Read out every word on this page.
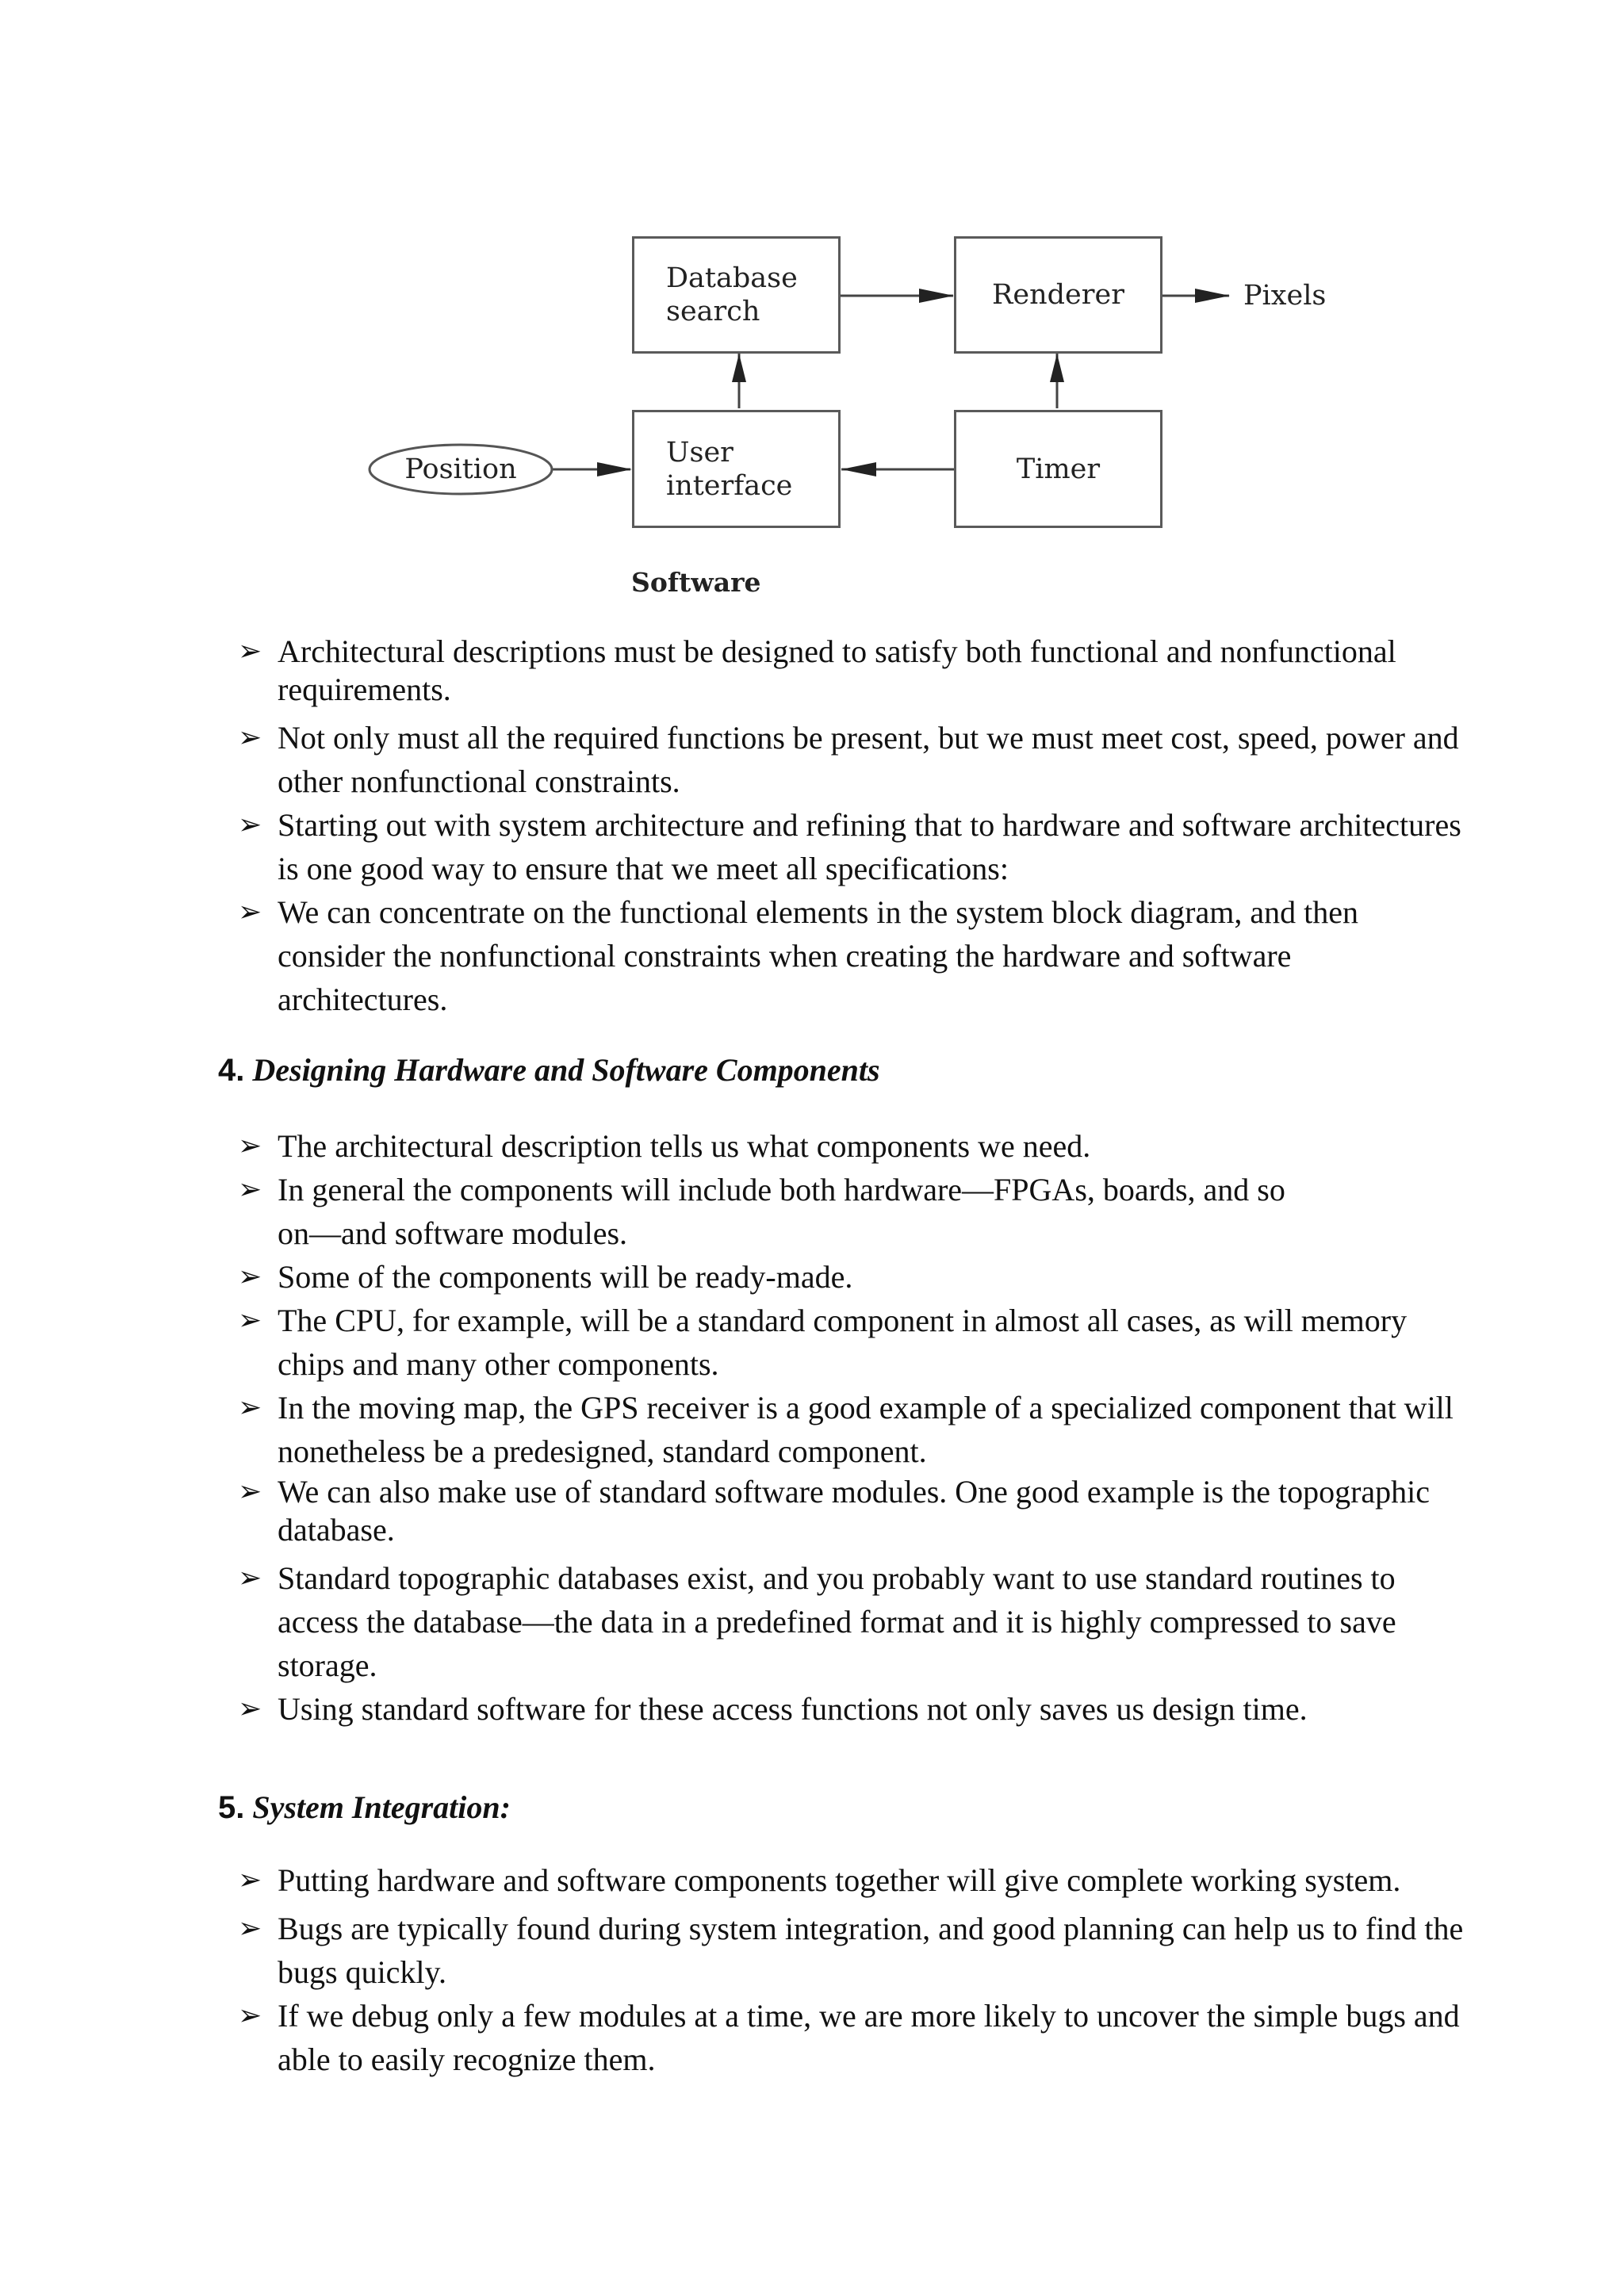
Database
search
Renderer
User
interface
Timer
Position
Pixels
Software
➢ Architectural descriptions must be designed to satisfy both functional and nonfunctional requirements.
➢ Not only must all the required functions be present, but we must meet cost, speed, power and other nonfunctional constraints.
➢ Starting out with system architecture and refining that to hardware and software architectures is one good way to ensure that we meet all specifications:
➢ We can concentrate on the functional elements in the system block diagram, and then consider the nonfunctional constraints when creating the hardware and software architectures.
4. Designing Hardware and Software Components
➢ The architectural description tells us what components we need.
➢ In general the components will include both hardware—FPGAs, boards, and so on—and software modules.
➢ Some of the components will be ready-made.
➢ The CPU, for example, will be a standard component in almost all cases, as will memory chips and many other components.
➢ In the moving map, the GPS receiver is a good example of a specialized component that will nonetheless be a predesigned, standard component.
➢ We can also make use of standard software modules. One good example is the topographic database.
➢ Standard topographic databases exist, and you probably want to use standard routines to access the database—the data in a predefined format and it is highly compressed to save storage.
➢ Using standard software for these access functions not only saves us design time.
5. System Integration:
➢ Putting hardware and software components together will give complete working system.
➢ Bugs are typically found during system integration, and good planning can help us to find the bugs quickly.
➢ If we debug only a few modules at a time, we are more likely to uncover the simple bugs and able to easily recognize them.
